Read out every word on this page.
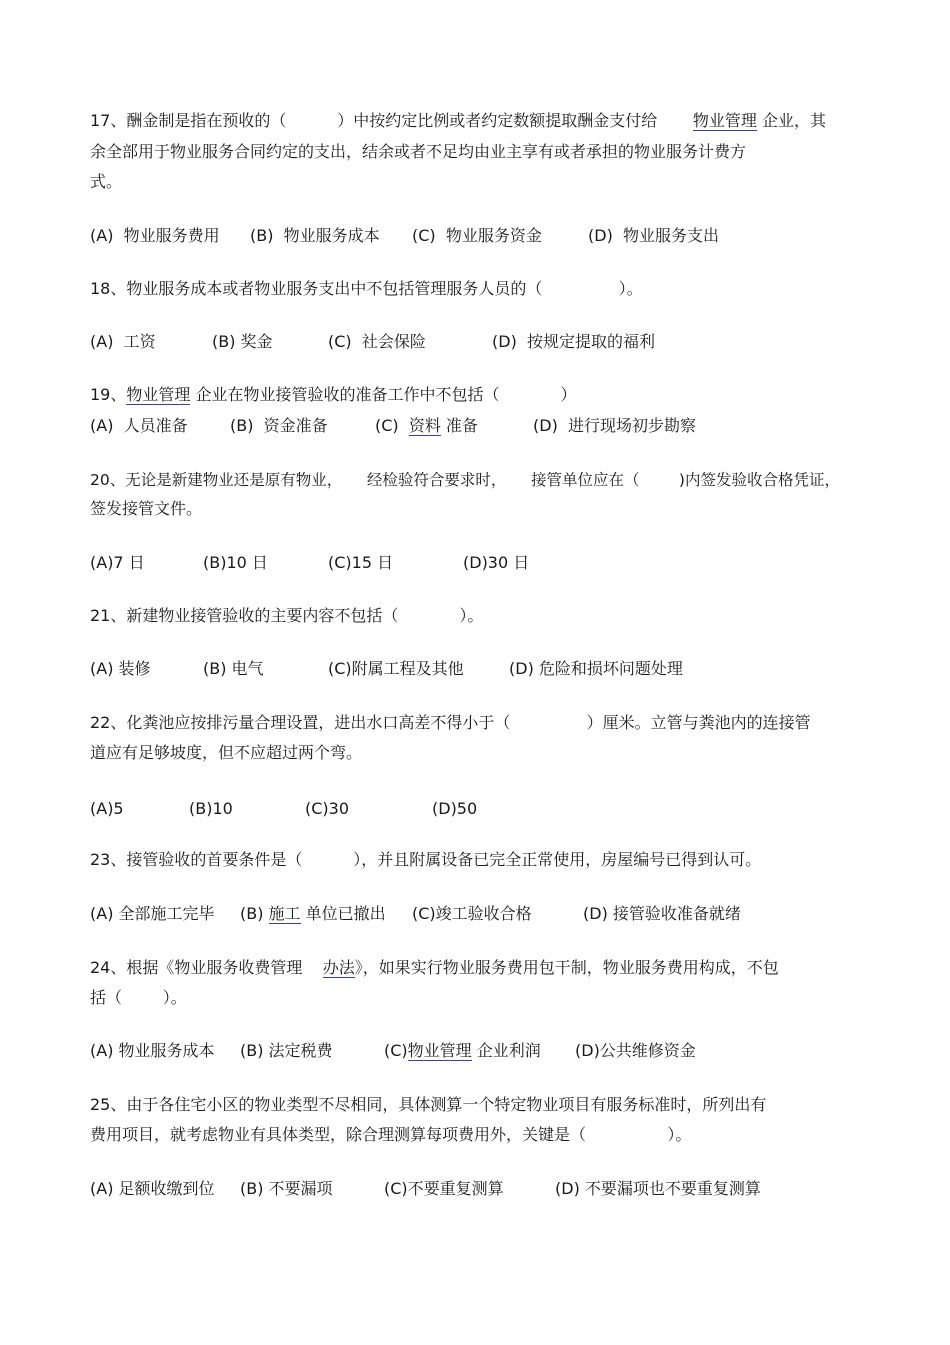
17、酬金制是指在预收的（          ）中按约定比例或者约定数额提取酬金支付给 物业管理 企业，其
余全部用于物业服务合同约定的支出，结余或者不足均由业主享有或者承担的物业服务计费方
式。
(A)  物业服务费用 (B)  物业服务成本 (C)  物业服务资金	(D)  物业服务支出
18、物业服务成本或者物业服务支出中不包括管理服务人员的（               ）。
(A)  工资	(B) 奖金	(C)  社会保险	(D)  按规定提取的福利
19、物业管理 企业在物业接管验收的准备工作中不包括（            ）
(A)  人员准备	(B)  资金准备	(C)  资料 准备	(D)  进行现场初步勘察
20、无论是新建物业还是原有物业，     经检验符合要求时，     接管单位应在（        )内签发验收合格凭证，
签发接管文件。
(A)7 日	(B)10 日	(C)15 日	(D)30 日
21、新建物业接管验收的主要内容不包括（            ）。
(A) 装修	(B) 电气	(C)附属工程及其他	(D) 危险和损坏问题处理
22、化粪池应按排污量合理设置，进出水口高差不得小于（               ）厘米。立管与粪池内的连接管
道应有足够坡度，但不应超过两个弯。
(A)5	(B)10	(C)30	(D)50
23、接管验收的首要条件是（          ），并且附属设备已完全正常使用，房屋编号已得到认可。
(A) 全部施工完毕 (B) 施工 单位已撤出 (C)竣工验收合格	(D) 接管验收准备就绪
24、根据《物业服务收费管理    办法》，如果实行物业服务费用包干制，物业服务费用构成，不包
括（        ）。
(A) 物业服务成本 (B) 法定税费	(C)物业管理 企业利润 (D)公共维修资金
25、由于各住宅小区的物业类型不尽相同，具体测算一个特定物业项目有服务标准时，所列出有
费用项目，就考虑物业有具体类型，除合理测算每项费用外，关键是（                ）。
(A) 足额收缴到位 (B) 不要漏项	(C)不要重复测算	(D) 不要漏项也不要重复测算
